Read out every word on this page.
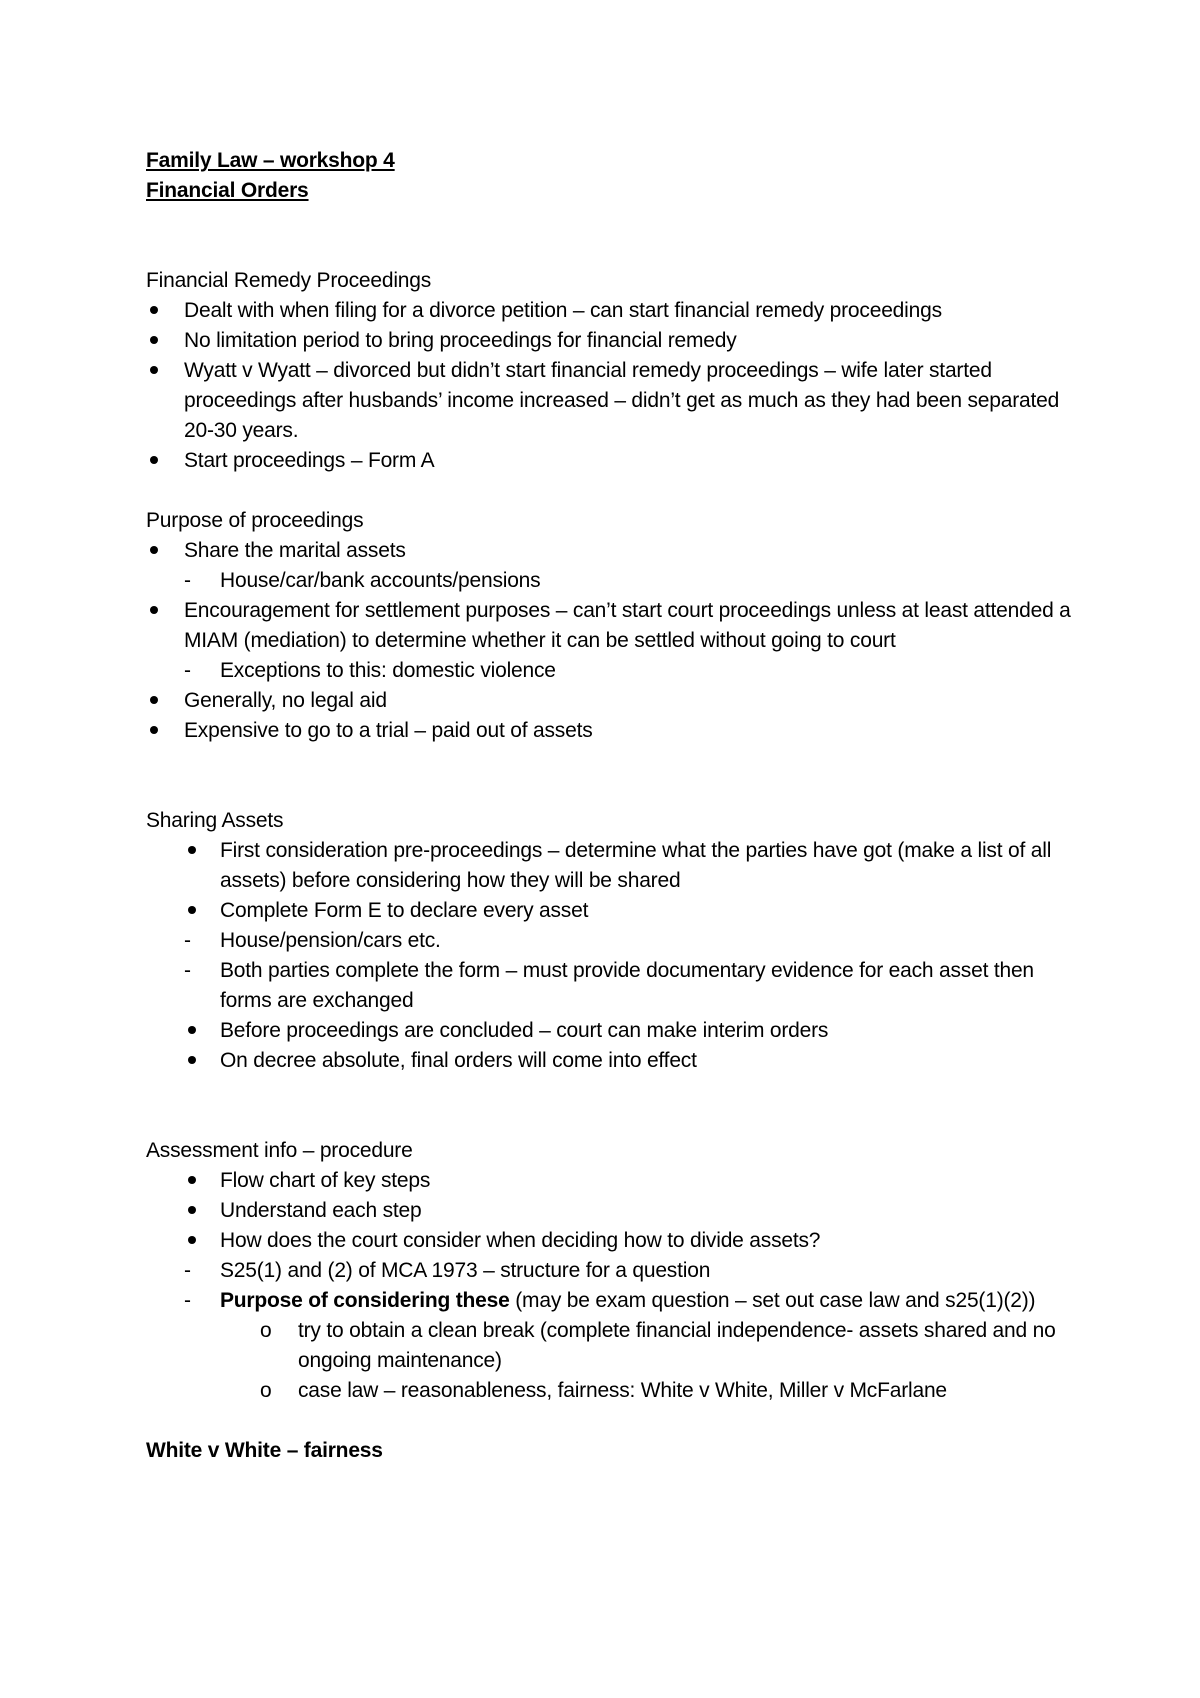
Family Law – workshop 4

Financial Orders

Financial Remedy Proceedings

Dealt with when filing for a divorce petition – can start financial remedy proceedings
No limitation period to bring proceedings for financial remedy
Wyatt v Wyatt – divorced but didn’t start financial remedy proceedings – wife later started proceedings after husbands’ income increased – didn’t get as much as they had been separated 20-30 years.
Start proceedings – Form A

Purpose of proceedings

Share the marital assets
-	House/car/bank accounts/pensions
Encouragement for settlement purposes – can’t start court proceedings unless at least attended a MIAM (mediation) to determine whether it can be settled without going to court
-	Exceptions to this: domestic violence
Generally, no legal aid
Expensive to go to a trial – paid out of assets

Sharing Assets

First consideration pre-proceedings – determine what the parties have got (make a list of all assets) before considering how they will be shared
Complete Form E to declare every asset
-	House/pension/cars etc.
-	Both parties complete the form – must provide documentary evidence for each asset then forms are exchanged
Before proceedings are concluded – court can make interim orders
On decree absolute, final orders will come into effect

Assessment info – procedure

Flow chart of key steps
Understand each step
How does the court consider when deciding how to divide assets?
-	S25(1) and (2) of MCA 1973 – structure for a question
-	Purpose of considering these (may be exam question – set out case law and s25(1)(2))
o	try to obtain a clean break (complete financial independence- assets shared and no ongoing maintenance)
o	case law – reasonableness, fairness: White v White, Miller v McFarlane

White v White – fairness
